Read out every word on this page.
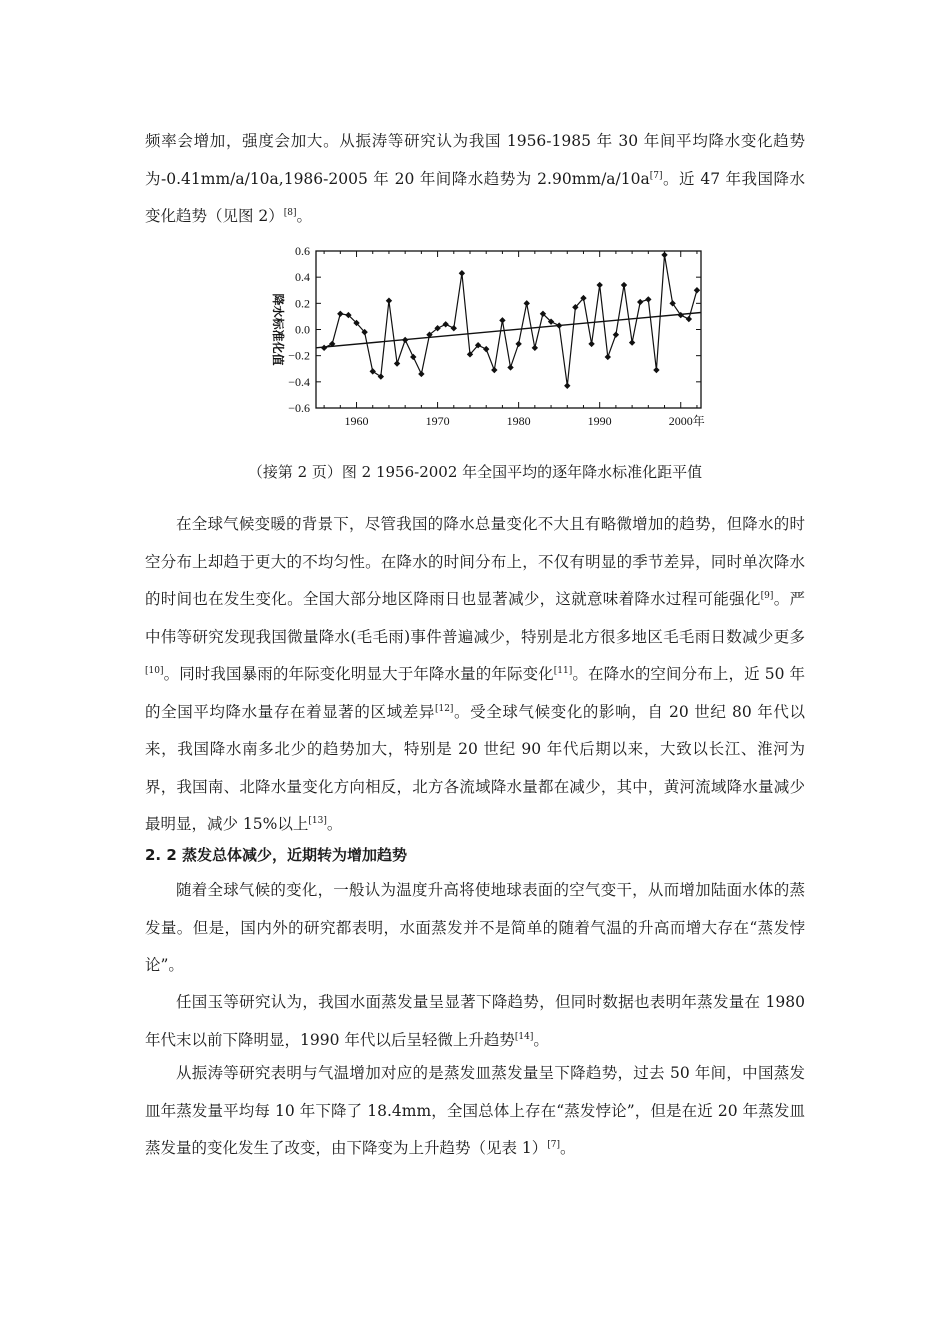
频率会增加，强度会加大。从振涛等研究认为我国 1956-1985 年 30 年间平均降水变化趋势为-0.41mm/a/10a,1986-2005 年 20 年间降水趋势为 2.90mm/a/10a[7]。近 47 年我国降水变化趋势（见图 2）[8]。
0.6
0.4
0.2
0.0
−0.2
−0.4
−0.6
1960	1970	1980	1990	2000年
降水标准化值
（接第 2 页）图 2 1956-2002 年全国平均的逐年降水标准化距平值
在全球气候变暖的背景下，尽管我国的降水总量变化不大且有略微增加的趋势，但降水的时空分布上却趋于更大的不均匀性。在降水的时间分布上，不仅有明显的季节差异，同时单次降水的时间也在发生变化。全国大部分地区降雨日也显著减少，这就意味着降水过程可能强化[9]。严中伟等研究发现我国微量降水(毛毛雨)事件普遍减少，特别是北方很多地区毛毛雨日数减少更多[10]。同时我国暴雨的年际变化明显大于年降水量的年际变化[11]。在降水的空间分布上，近 50 年的全国平均降水量存在着显著的区域差异[12]。受全球气候变化的影响，自 20 世纪 80 年代以来，我国降水南多北少的趋势加大，特别是 20 世纪 90 年代后期以来，大致以长江、淮河为界，我国南、北降水量变化方向相反，北方各流域降水量都在减少，其中，黄河流域降水量减少最明显，减少 15%以上[13]。
2. 2 蒸发总体减少，近期转为增加趋势
随着全球气候的变化，一般认为温度升高将使地球表面的空气变干，从而增加陆面水体的蒸发量。但是，国内外的研究都表明，水面蒸发并不是简单的随着气温的升高而增大存在“蒸发悖论”。
任国玉等研究认为，我国水面蒸发量呈显著下降趋势，但同时数据也表明年蒸发量在 1980 年代末以前下降明显，1990 年代以后呈轻微上升趋势[14]。
从振涛等研究表明与气温增加对应的是蒸发皿蒸发量呈下降趋势，过去 50 年间，中国蒸发皿年蒸发量平均每 10 年下降了 18.4mm，全国总体上存在“蒸发悖论”，但是在近 20 年蒸发皿蒸发量的变化发生了改变，由下降变为上升趋势（见表 1）[7]。
